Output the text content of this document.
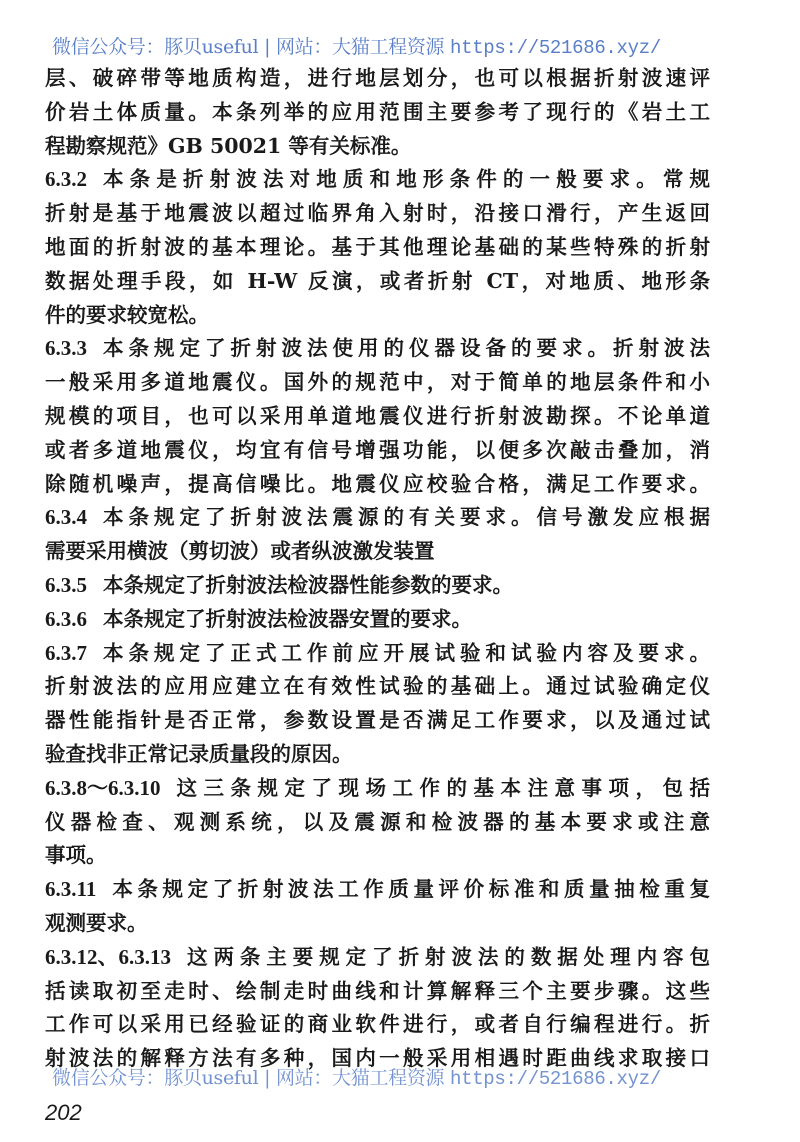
微信公众号：豚贝useful | 网站：大猫工程资源 https://521686.xyz/
层、破碎带等地质构造，进行地层划分，也可以根据折射波速评
价岩土体质量。本条列举的应用范围主要参考了现行的《岩土工
程勘察规范》GB 50021 等有关标准。
6.3.2 本条是折射波法对地质和地形条件的一般要求。常规
折射是基于地震波以超过临界角入射时，沿接口滑行，产生返回
地面的折射波的基本理论。基于其他理论基础的某些特殊的折射
数据处理手段，如 H-W 反演，或者折射 CT，对地质、地形条
件的要求较宽松。
6.3.3 本条规定了折射波法使用的仪器设备的要求。折射波法
一般采用多道地震仪。国外的规范中，对于简单的地层条件和小
规模的项目，也可以采用单道地震仪进行折射波勘探。不论单道
或者多道地震仪，均宜有信号增强功能，以便多次敲击叠加，消
除随机噪声，提高信噪比。地震仪应校验合格，满足工作要求。
6.3.4 本条规定了折射波法震源的有关要求。信号激发应根据
需要采用横波（剪切波）或者纵波激发装置
6.3.5 本条规定了折射波法检波器性能参数的要求。
6.3.6 本条规定了折射波法检波器安置的要求。
6.3.7 本条规定了正式工作前应开展试验和试验内容及要求。
折射波法的应用应建立在有效性试验的基础上。通过试验确定仪
器性能指针是否正常，参数设置是否满足工作要求，以及通过试
验查找非正常记录质量段的原因。
6.3.8～6.3.10 这三条规定了现场工作的基本注意事项，包括
仪器检查、观测系统，以及震源和检波器的基本要求或注意
事项。
6.3.11 本条规定了折射波法工作质量评价标准和质量抽检重复
观测要求。
6.3.12、6.3.13 这两条主要规定了折射波法的数据处理内容包
括读取初至走时、绘制走时曲线和计算解释三个主要步骤。这些
工作可以采用已经验证的商业软件进行，或者自行编程进行。折
射波法的解释方法有多种，国内一般采用相遇时距曲线求取接口
微信公众号：豚贝useful | 网站：大猫工程资源 https://521686.xyz/
202
